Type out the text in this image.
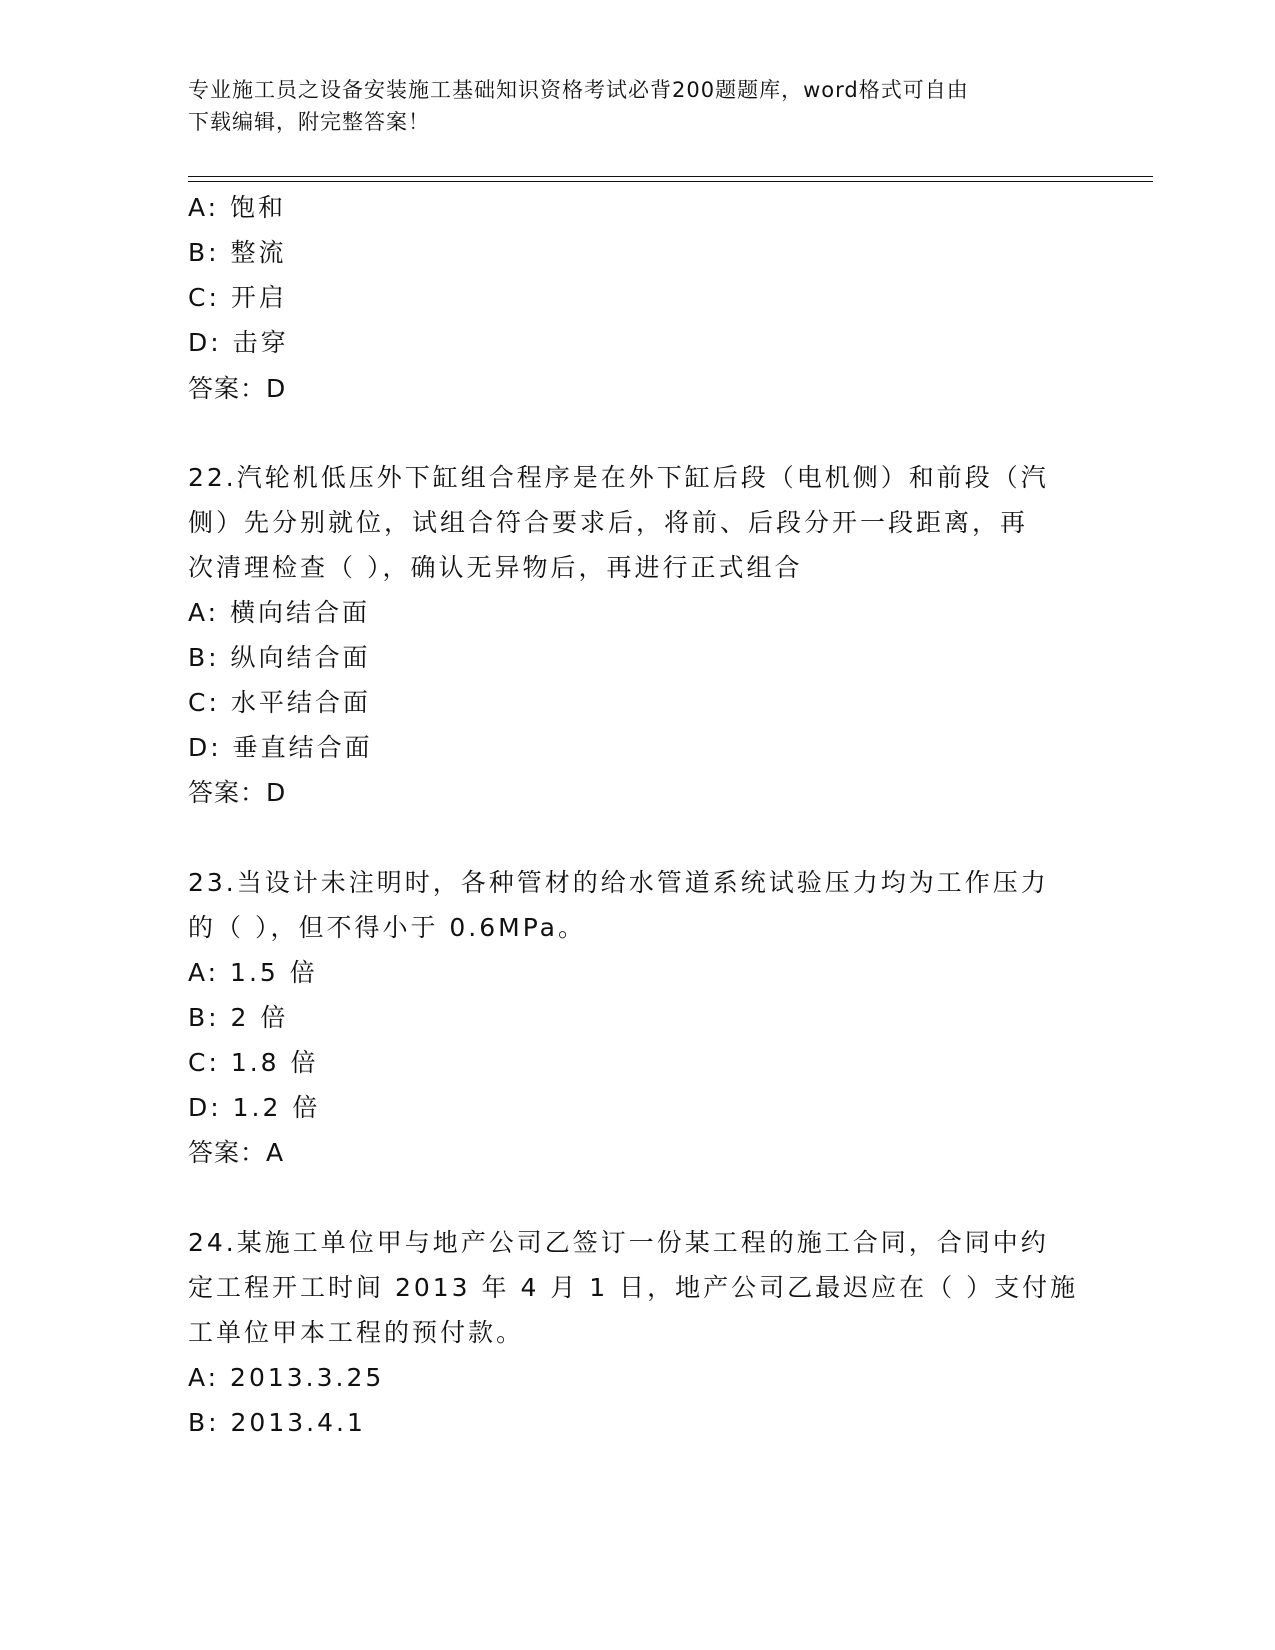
专业施工员之设备安装施工基础知识资格考试必背200题题库，word格式可自由
下载编辑，附完整答案！
A: 饱和
B: 整流
C: 开启
D: 击穿
答案：D
22.汽轮机低压外下缸组合程序是在外下缸后段（电机侧）和前段（汽
侧）先分别就位，试组合符合要求后，将前、后段分开一段距离，再
次清理检查（ ），确认无异物后，再进行正式组合
A: 横向结合面
B: 纵向结合面
C: 水平结合面
D: 垂直结合面
答案：D
23.当设计未注明时，各种管材的给水管道系统试验压力均为工作压力
的（ ），但不得小于 0.6MPa。
A: 1.5 倍
B: 2 倍
C: 1.8 倍
D: 1.2 倍
答案：A
24.某施工单位甲与地产公司乙签订一份某工程的施工合同，合同中约
定工程开工时间 2013 年 4 月 1 日，地产公司乙最迟应在（ ）支付施
工单位甲本工程的预付款。
A: 2013.3.25
B: 2013.4.1
